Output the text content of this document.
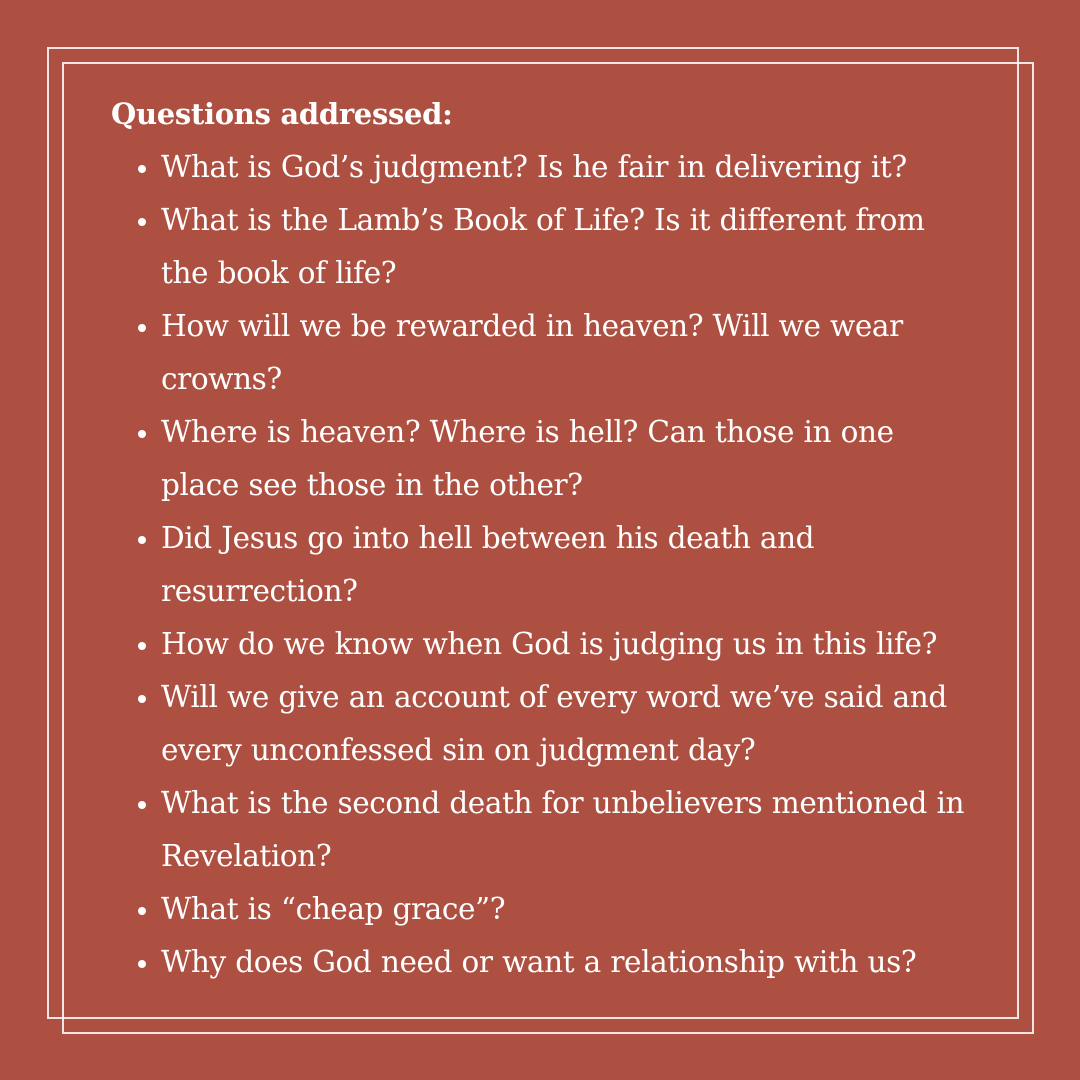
Questions addressed:
What is God’s judgment? Is he fair in delivering it?
What is the Lamb’s Book of Life? Is it different from the book of life?
How will we be rewarded in heaven? Will we wear crowns?
Where is heaven? Where is hell? Can those in one place see those in the other?
Did Jesus go into hell between his death and resurrection?
How do we know when God is judging us in this life?
Will we give an account of every word we’ve said and every unconfessed sin on judgment day?
What is the second death for unbelievers mentioned in Revelation?
What is “cheap grace”?
Why does God need or want a relationship with us?
